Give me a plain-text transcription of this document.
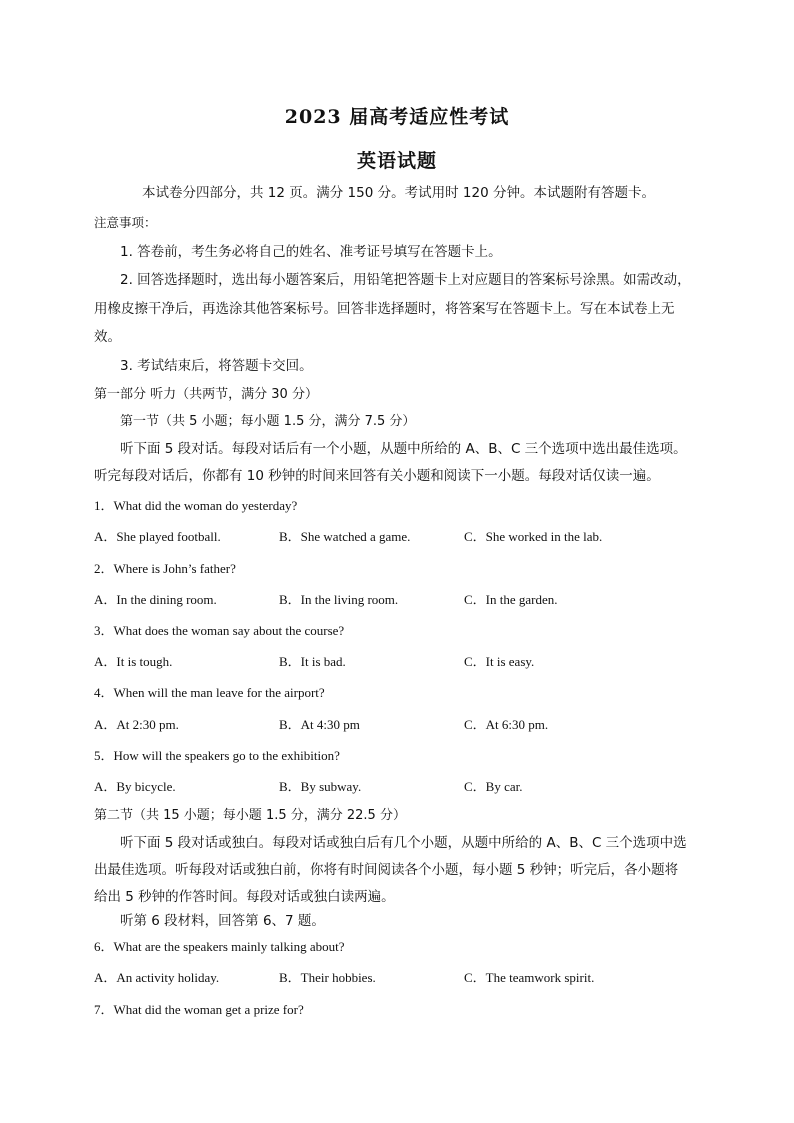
2023 届高考适应性考试
英语试题
本试卷分四部分，共 12 页。满分 150 分。考试用时 120 分钟。本试题附有答题卡。
注意事项：
1. 答卷前，考生务必将自己的姓名、准考证号填写在答题卡上。
2. 回答选择题时，选出每小题答案后，用铅笔把答题卡上对应题目的答案标号涂黑。如需改动，
用橡皮擦干净后，再选涂其他答案标号。回答非选择题时，将答案写在答题卡上。写在本试卷上无
效。
3. 考试结束后，将答题卡交回。
第一部分 听力（共两节，满分 30 分）
第一节（共 5 小题；每小题 1.5 分，满分 7.5 分）
听下面 5 段对话。每段对话后有一个小题，从题中所给的 A、B、C 三个选项中选出最佳选项。
听完每段对话后，你都有 10 秒钟的时间来回答有关小题和阅读下一小题。每段对话仅读一遍。
1．What did the woman do yesterday?
A．She played football.	B．She watched a game.	C．She worked in the lab.
2．Where is John’s father?
A．In the dining room.	B．In the living room.	C．In the garden.
3．What does the woman say about the course?
A．It is tough.	B．It is bad.	C．It is easy.
4．When will the man leave for the airport?
A．At 2:30 pm.	B．At 4:30 pm	C．At 6:30 pm.
5．How will the speakers go to the exhibition?
A．By bicycle.	B．By subway.	C．By car.
第二节（共 15 小题；每小题 1.5 分，满分 22.5 分）
听下面 5 段对话或独白。每段对话或独白后有几个小题，从题中所给的 A、B、C 三个选项中选
出最佳选项。听每段对话或独白前，你将有时间阅读各个小题，每小题 5 秒钟；听完后，各小题将
给出 5 秒钟的作答时间。每段对话或独白读两遍。
听第 6 段材料，回答第 6、7 题。
6．What are the speakers mainly talking about?
A．An activity holiday.	B．Their hobbies.	C．The teamwork spirit.
7．What did the woman get a prize for?
